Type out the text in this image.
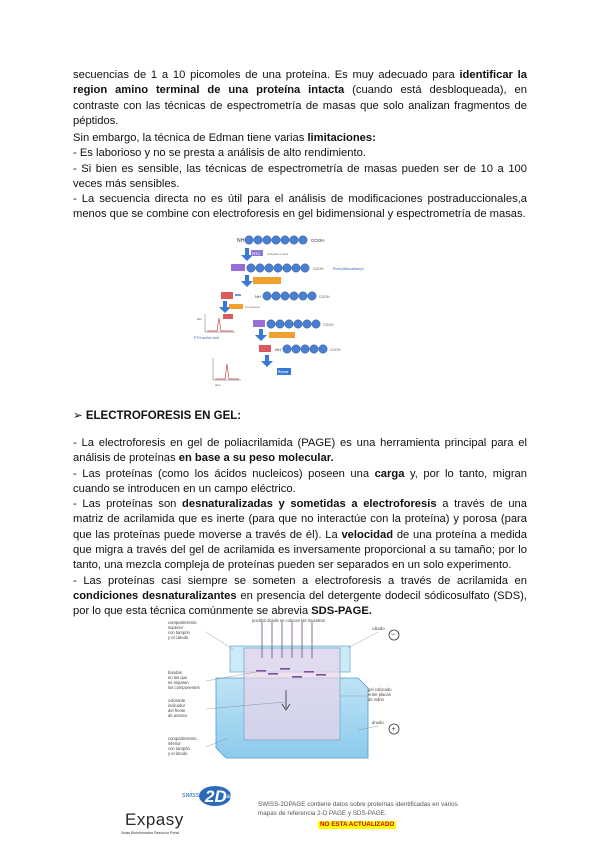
secuencias de 1 a 10 picomoles de una proteína. Es muy adecuado para identificar la region amino terminal de una proteína intacta (cuando está desbloqueada), en contraste con las técnicas de espectrometría de masas que solo analizan fragmentos de péptidos.

Sin embargo, la técnica de Edman tiene varias limitaciones:

- Es laborioso y no se presta a análisis de alto rendimiento.

- Si bien es sensible, las técnicas de espectrometría de masas pueden ser de 10 a 100 veces más sensibles.

- La secuencia directa no es útil para el análisis de modificaciones postraduccionales,a menos que se combine con electroforesis en gel bidimensional y espectrometría de masas.

NH	COOH
PITC Anhydrous acid
COOH	Phenylthiocarbamyl
NH	COOH
Conversion
abs
PTH-amino acid
COOH
NH	COOH
time
Repeat
➢ ELECTROFORESIS EN GEL:

- La electroforesis en gel de poliacrilamida (PAGE) es una herramienta principal para el análisis de proteínas en base a su peso molecular.

- Las proteínas (como los ácidos nucleicos) poseen una carga y, por lo tanto, migran cuando se introducen en un campo eléctrico.

- Las proteínas son desnaturalizadas y sometidas a electroforesis a través de una matriz de acrilamida que es inerte (para que no interactúe con la proteína) y porosa (para que las proteínas puede moverse a través de él). La velocidad de una proteína a medida que migra a través del gel de acrilamida es inversamente proporcional a su tamaño; por lo tanto, una mezcla compleja de proteínas pueden ser separados en un solo experimento.

- Las proteínas casi siempre se someten a electroforesis a través de acrilamida en condiciones desnaturalizantes en presencia del detergente dodecil sódicosulfato (SDS), por lo que esta técnica comúnmente se abrevia SDS-PAGE.

−
+
compartimiento
superior
con tampón
y el cátodo
bandas
en las que
se separan
los componentes
colorante
indicador
del frente
de avance
compartimiento
inferior
con tampón
y el ánodo
pocillos donde se colocan las muestras
cátodo
gel colocado
entre placas
de vidrio
ánodo
swiss 2D
page
Expasy
Swiss Bioinformatics Resource Portal
SWISS-2DPAGE contiene datos sobre proteínas identificadas en varios mapas de referencia 2-D PAGE y SDS-PAGE.
NO ESTA ACTUALIZADO
